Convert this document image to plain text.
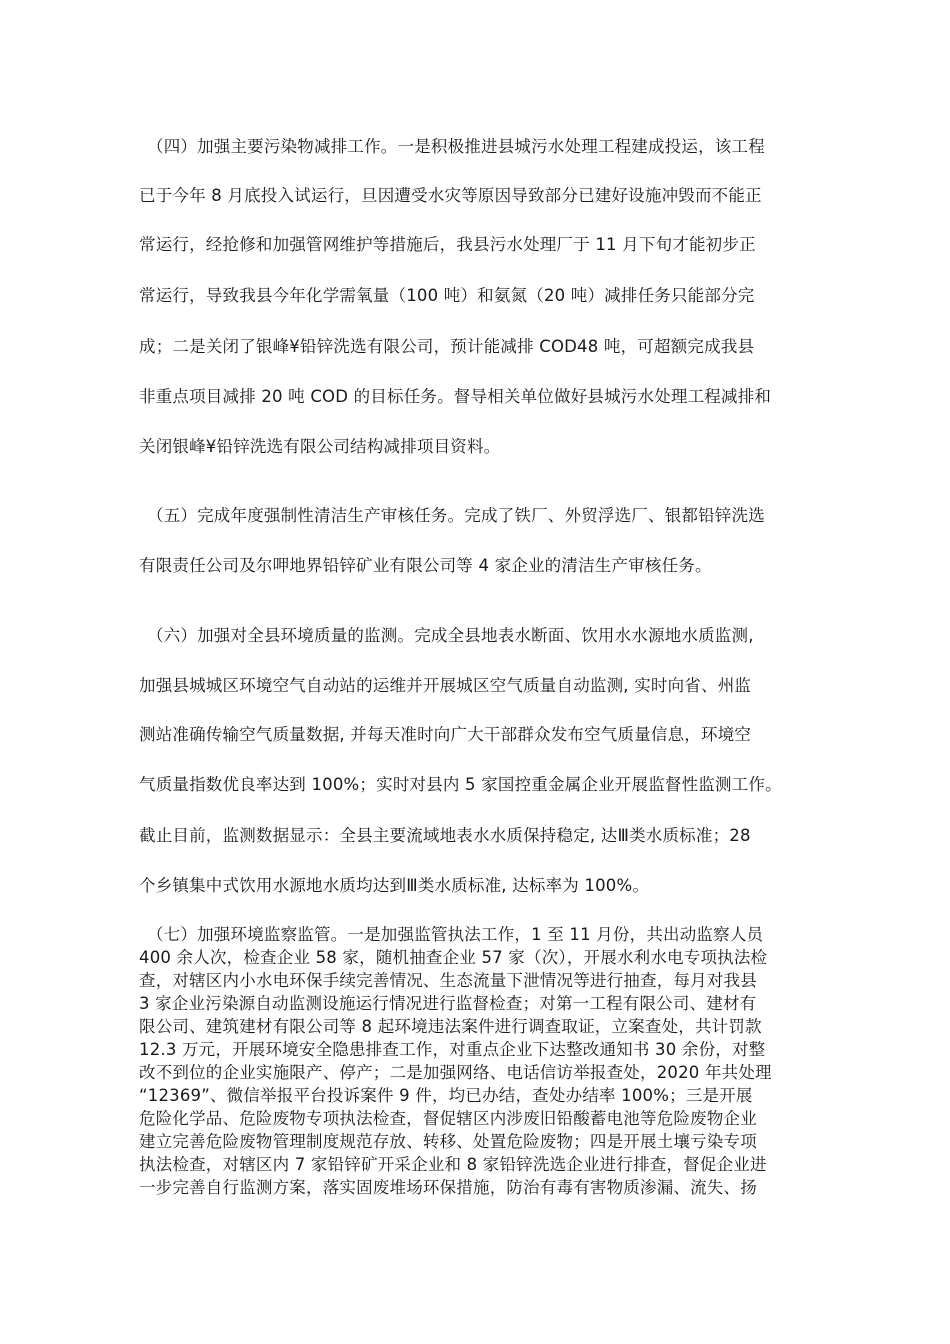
（四）加强主要污染物减排工作。一是积极推进县城污水处理工程建成投运，该工程
已于今年 8 月底投入试运行，旦因遭受水灾等原因导致部分已建好设施冲毁而不能正
常运行，经抢修和加强管网维护等措施后，我县污水处理厂于 11 月下旬才能初步正
常运行，导致我县今年化学需氧量（100 吨）和氨氮（20 吨）减排任务只能部分完
成；二是关闭了银峰¥铅锌洗选有限公司，预计能减排 COD48 吨，可超额完成我县
非重点项目减排 20 吨 COD 的目标任务。督导相关单位做好县城污水处理工程减排和
关闭银峰¥铅锌洗选有限公司结构减排项目资料。
（五）完成年度强制性清洁生产审核任务。完成了铁厂、外贸浮选厂、银都铅锌洗选
有限责任公司及尔呷地界铅锌矿业有限公司等 4 家企业的清洁生产审核任务。
（六）加强对全县环境质量的监测。完成全县地表水断面、饮用水水源地水质监测,
加强县城城区环境空气自动站的运维并开展城区空气质量自动监测, 实时向省、州监
测站准确传输空气质量数据, 并每天准时向广大干部群众发布空气质量信息，环境空
气质量指数优良率达到 100%；实时对县内 5 家国控重金属企业开展监督性监测工作。
截止目前，监测数据显示：全县主要流域地表水水质保持稳定, 达Ⅲ类水质标准；28
个乡镇集中式饮用水源地水质均达到Ⅲ类水质标准, 达标率为 100%。
（七）加强环境监察监管。一是加强监管执法工作，1 至 11 月份，共出动监察人员
400 余人次，检查企业 58 家，随机抽查企业 57 家（次），开展水利水电专项执法检
查，对辖区内小水电环保手续完善情况、生态流量下泄情况等进行抽查，每月对我县
3 家企业污染源自动监测设施运行情况进行监督检查；对第一工程有限公司、建材有
限公司、建筑建材有限公司等 8 起环境违法案件进行调查取证，立案查处，共计罚款
12.3 万元，开展环境安全隐患排查工作，对重点企业下达整改通知书 30 余份，对整
改不到位的企业实施限产、停产；二是加强网络、电话信访举报查处，2020 年共处理
“12369”、微信举报平台投诉案件 9 件，均已办结，查处办结率 100%；三是开展
危险化学品、危险废物专项执法检查，督促辖区内涉废旧铅酸蓄电池等危险废物企业
建立完善危险废物管理制度规范存放、转移、处置危险废物；四是开展土壤亏染专项
执法检查，对辖区内 7 家铅锌矿开采企业和 8 家铅锌洗选企业进行排查，督促企业进
一步完善自行监测方案，落实固废堆场环保措施，防治有毒有害物质渗漏、流失、扬
